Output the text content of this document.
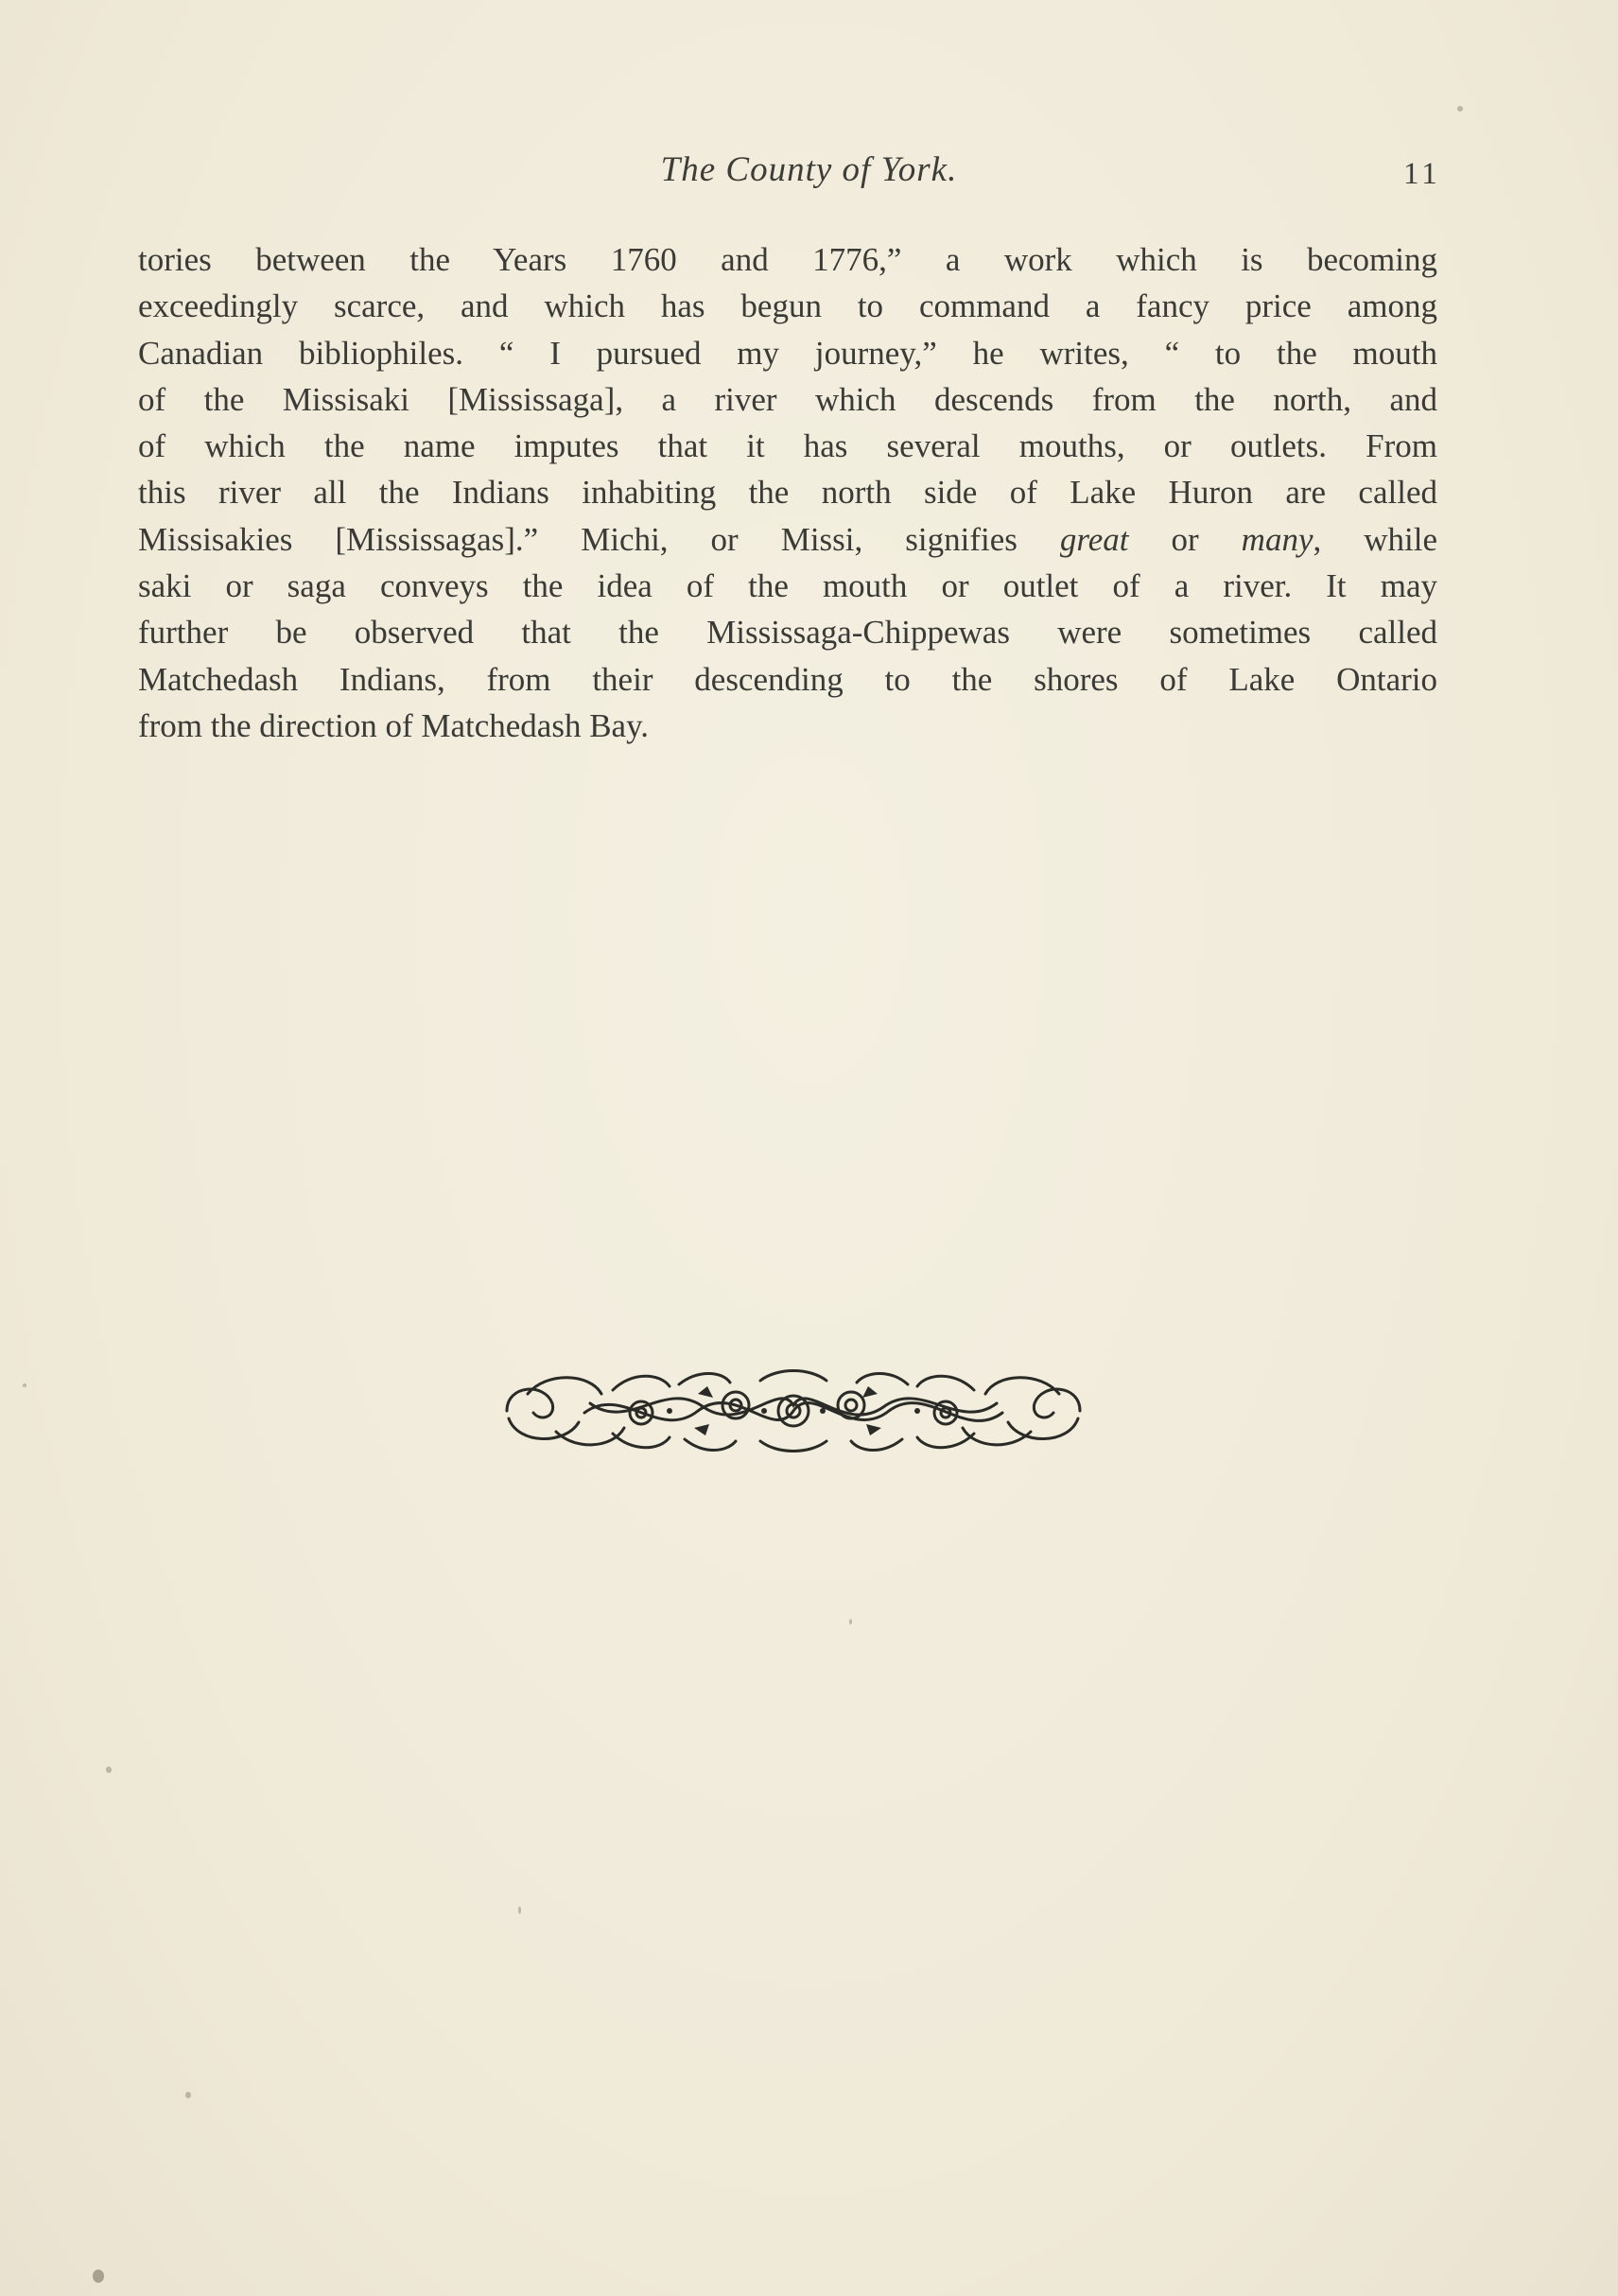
The County of York.	11
tories between the Years 1760 and 1776,” a work which is becoming
exceedingly scarce, and which has begun to command a fancy price among
Canadian bibliophiles. “ I pursued my journey,” he writes, “ to the mouth
of the Missisaki [Mississaga], a river which descends from the north, and
of which the name imputes that it has several mouths, or outlets. From
this river all the Indians inhabiting the north side of Lake Huron are called
Missisakies [Mississagas].” Michi, or Missi, signifies great or many, while
saki or saga conveys the idea of the mouth or outlet of a river. It may
further be observed that the Mississaga-Chippewas were sometimes called
Matchedash Indians, from their descending to the shores of Lake Ontario
from the direction of Matchedash Bay.
